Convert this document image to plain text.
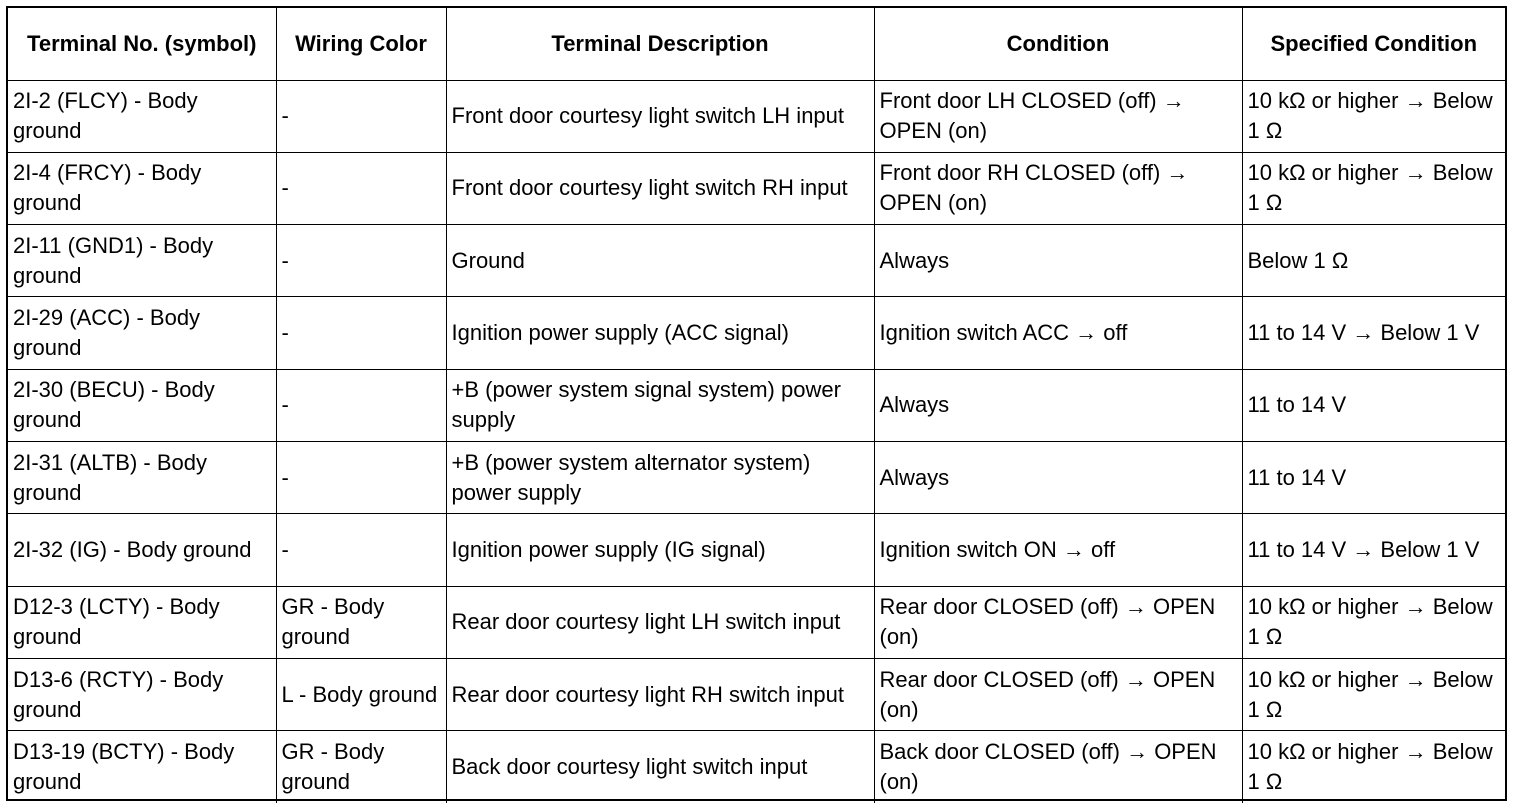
Terminal No. (symbol)	Wiring Color	Terminal Description	Condition	Specified Condition
2I-2 (FLCY) - Body ground	-	Front door courtesy light switch LH input	Front door LH CLOSED (off) → OPEN (on)	10 kΩ or higher → Below 1 Ω
2I-4 (FRCY) - Body ground	-	Front door courtesy light switch RH input	Front door RH CLOSED (off) → OPEN (on)	10 kΩ or higher → Below 1 Ω
2I-11 (GND1) - Body ground	-	Ground	Always	Below 1 Ω
2I-29 (ACC) - Body ground	-	Ignition power supply (ACC signal)	Ignition switch ACC → off	11 to 14 V → Below 1 V
2I-30 (BECU) - Body ground	-	+B (power system signal system) power supply	Always	11 to 14 V
2I-31 (ALTB) - Body ground	-	+B (power system alternator system) power supply	Always	11 to 14 V
2I-32 (IG) - Body ground	-	Ignition power supply (IG signal)	Ignition switch ON → off	11 to 14 V → Below 1 V
D12-3 (LCTY) - Body ground	GR - Body ground	Rear door courtesy light LH switch input	Rear door CLOSED (off) → OPEN (on)	10 kΩ or higher → Below 1 Ω
D13-6 (RCTY) - Body ground	L - Body ground	Rear door courtesy light RH switch input	Rear door CLOSED (off) → OPEN (on)	10 kΩ or higher → Below 1 Ω
D13-19 (BCTY) - Body ground	GR - Body ground	Back door courtesy light switch input	Back door CLOSED (off) → OPEN (on)	10 kΩ or higher → Below 1 Ω
